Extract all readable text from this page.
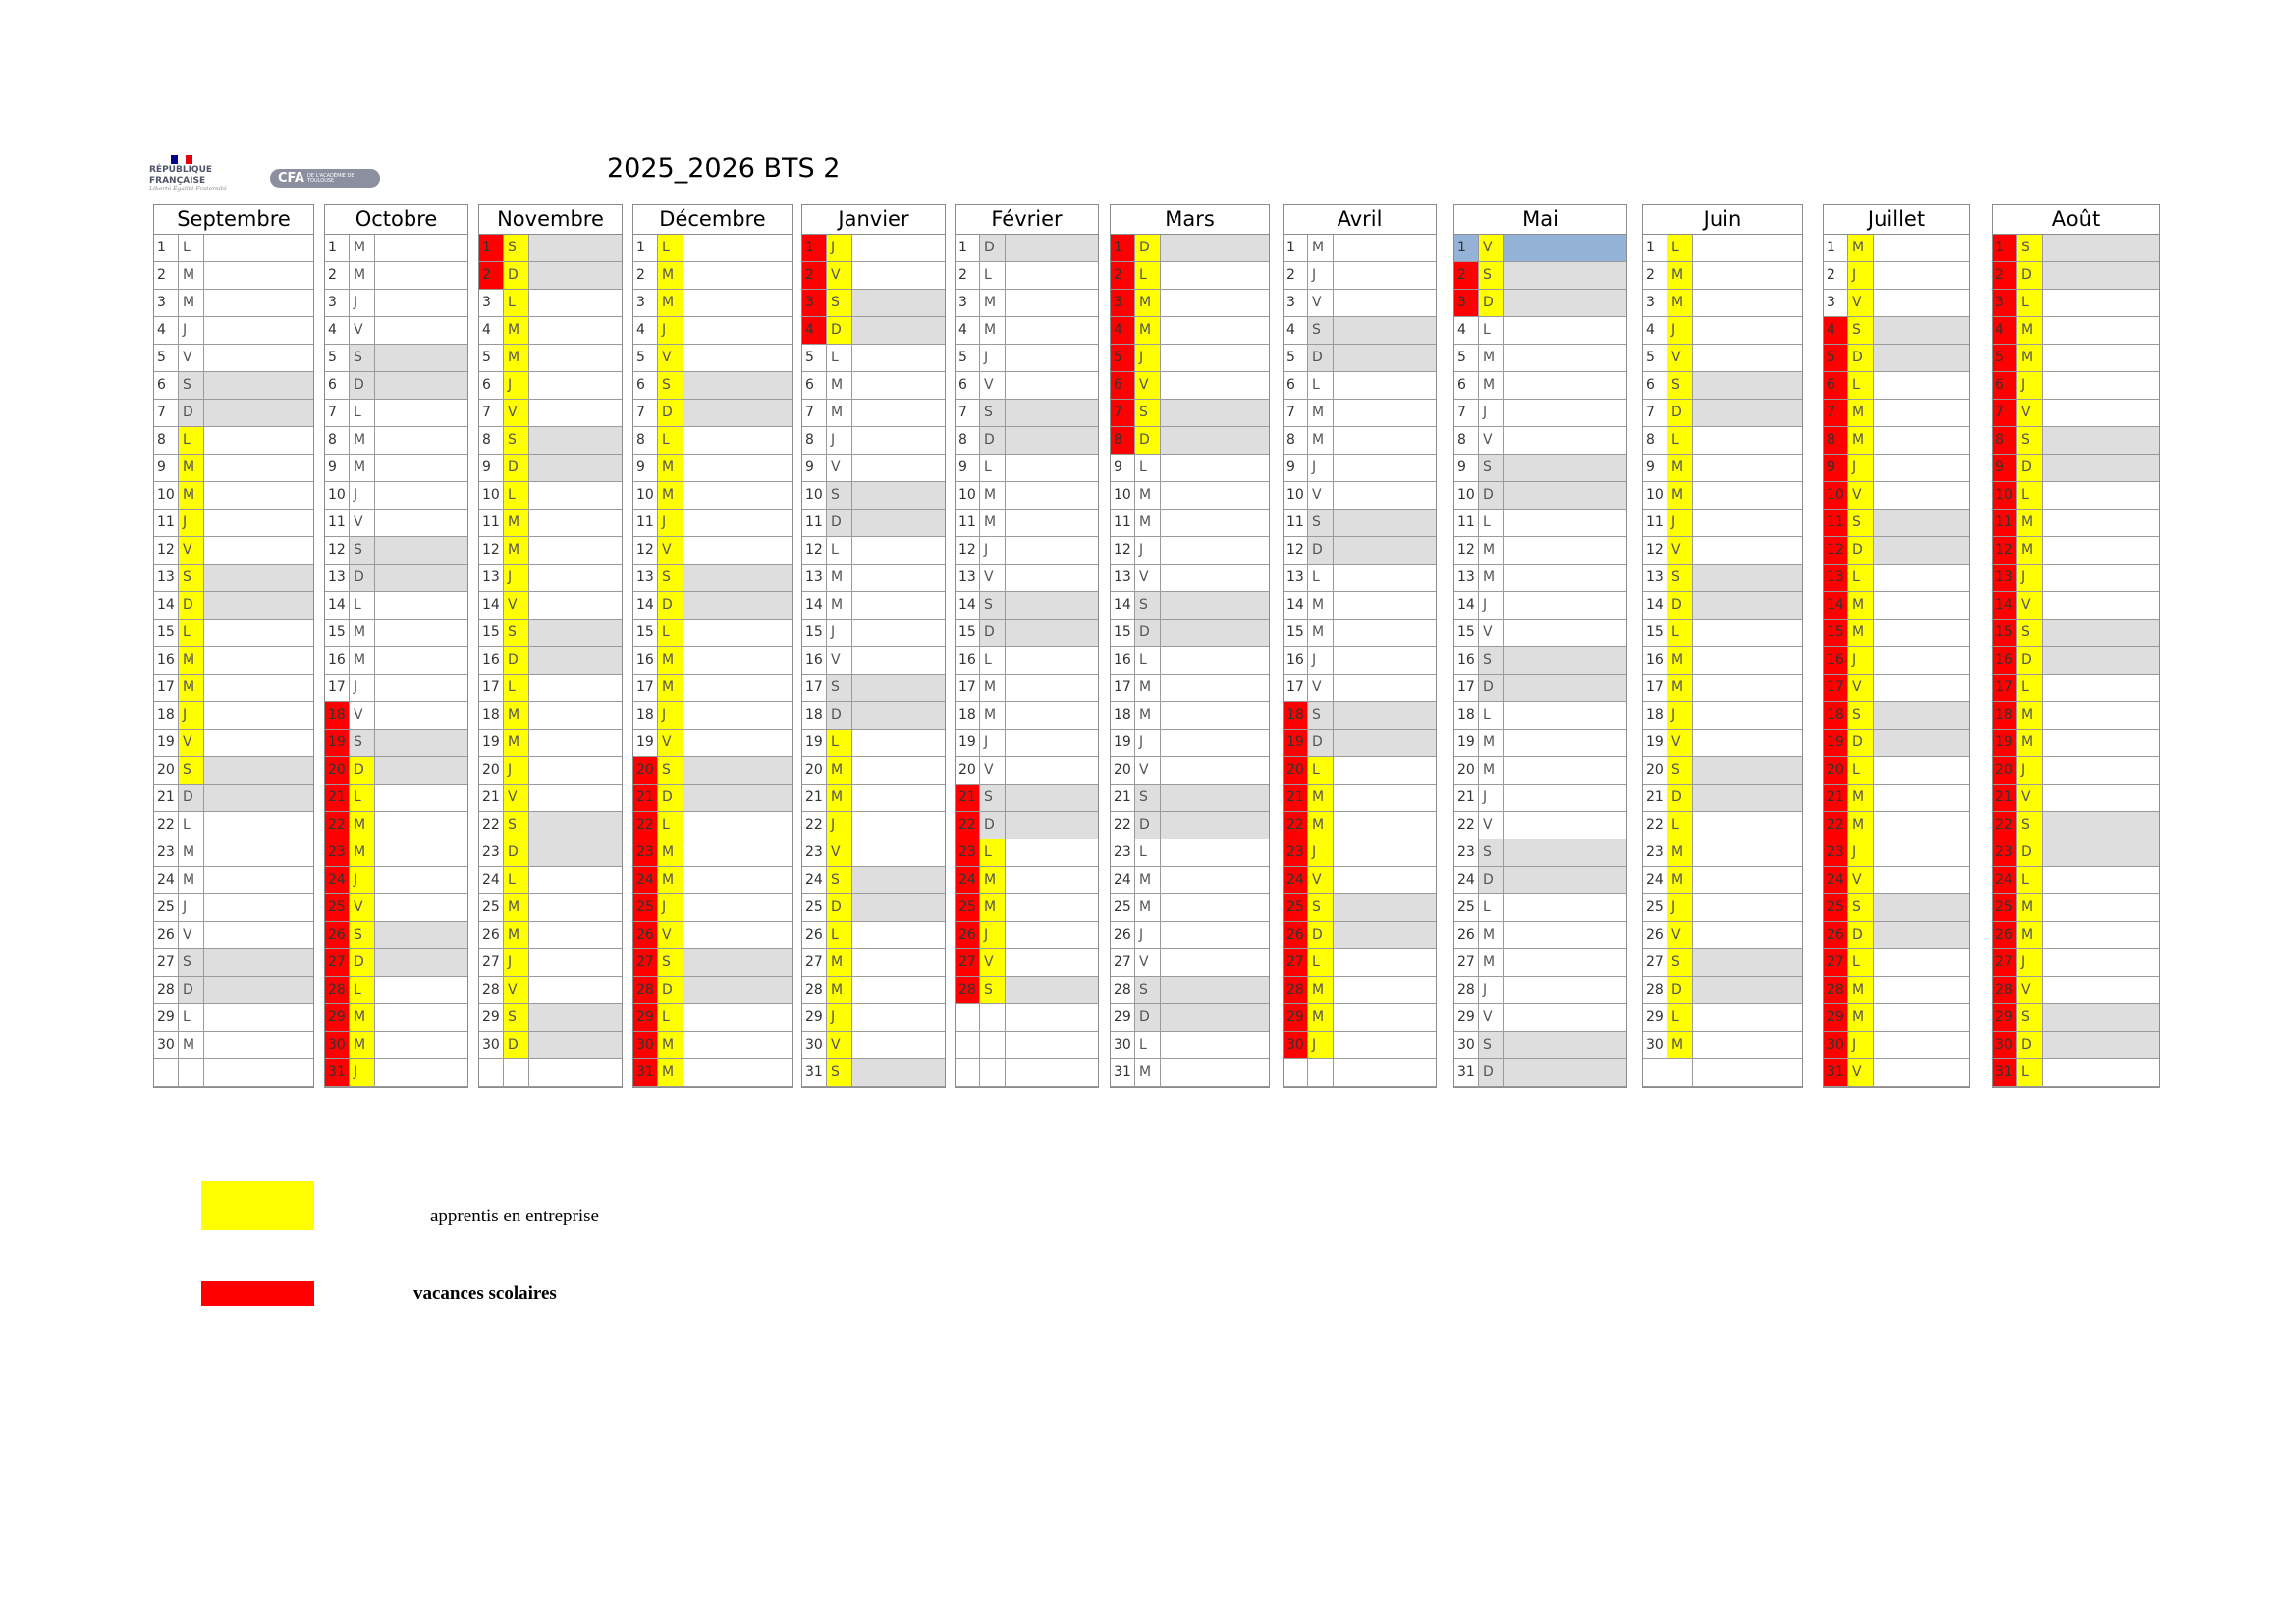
RÉPUBLIQUE
FRANÇAISE
Liberté Égalité Fraternité
CFA DE L'ACADÉMIE DE TOULOUSE	2025_2026 BTS 2
Septembre
1	L
2	M
3	M
4	J
5	V
6	S
7	D
8	L
9	M
10 M
11 J
12 V
13 S
14 D
15 L
16 M
17 M
18 J
19 V
20 S
21 D
22 L
23 M
24 M
25 J
26 V
27 S
28 D
29 L
30 M
Octobre
1	M
2	M
3	J
4	V
5	S
6	D
7	L
8	M
9	M
10 J
11 V
12 S
13 D
14 L
15 M
16 M
17 J
18 V
19 S
20 D
21 L
22 M
23 M
24 J
25 V
26 S
27 D
28 L
29 M
30 M
31 J
Novembre
1	S
2	D
3	L
4	M
5	M
6	J
7	V
8	S
9	D
10 L
11 M
12 M
13 J
14 V
15 S
16 D
17 L
18 M
19 M
20 J
21 V
22 S
23 D
24 L
25 M
26 M
27 J
28 V
29 S
30 D
Décembre
1	L
2	M
3	M
4	J
5	V
6	S
7	D
8	L
9	M
10 M
11 J
12 V
13 S
14 D
15 L
16 M
17 M
18 J
19 V
20 S
21 D
22 L
23 M
24 M
25 J
26 V
27 S
28 D
29 L
30 M
31 M
Janvier
1	J
2	V
3	S
4	D
5	L
6	M
7	M
8	J
9	V
10 S
11 D
12 L
13 M
14 M
15 J
16 V
17 S
18 D
19 L
20 M
21 M
22 J
23 V
24 S
25 D
26 L
27 M
28 M
29 J
30 V
31 S
Février
1	D
2	L
3	M
4	M
5	J
6	V
7	S
8	D
9	L
10 M
11 M
12 J
13 V
14 S
15 D
16 L
17 M
18 M
19 J
20 V
21 S
22 D
23 L
24 M
25 M
26 J
27 V
28 S
Mars
1	D
2	L
3	M
4	M
5	J
6	V
7	S
8	D
9	L
10 M
11 M
12 J
13 V
14 S
15 D
16 L
17 M
18 M
19 J
20 V
21 S
22 D
23 L
24 M
25 M
26 J
27 V
28 S
29 D
30 L
31 M
Avril
1	M
2	J
3	V
4	S
5	D
6	L
7	M
8	M
9	J
10 V
11 S
12 D
13 L
14 M
15 M
16 J
17 V
18 S
19 D
20 L
21 M
22 M
23 J
24 V
25 S
26 D
27 L
28 M
29 M
30 J
Mai
1	V
2	S
3	D
4	L
5	M
6	M
7	J
8	V
9	S
10 D
11 L
12 M
13 M
14 J
15 V
16 S
17 D
18 L
19 M
20 M
21 J
22 V
23 S
24 D
25 L
26 M
27 M
28 J
29 V
30 S
31 D
Juin
1	L
2	M
3	M
4	J
5	V
6	S
7	D
8	L
9	M
10 M
11 J
12 V
13 S
14 D
15 L
16 M
17 M
18 J
19 V
20 S
21 D
22 L
23 M
24 M
25 J
26 V
27 S
28 D
29 L
30 M
Juillet
1	M
2	J
3	V
4	S
5	D
6	L
7	M
8	M
9	J
10 V
11 S
12 D
13 L
14 M
15 M
16 J
17 V
18 S
19 D
20 L
21 M
22 M
23 J
24 V
25 S
26 D
27 L
28 M
29 M
30 J
31 V
Août
1	S
2	D
3	L
4	M
5	M
6	J
7	V
8	S
9	D
10 L
11 M
12 M
13 J
14 V
15 S
16 D
17 L
18 M
19 M
20 J
21 V
22 S
23 D
24 L
25 M
26 M
27 J
28 V
29 S
30 D
31 L
apprentis en entreprise
vacances scolaires
